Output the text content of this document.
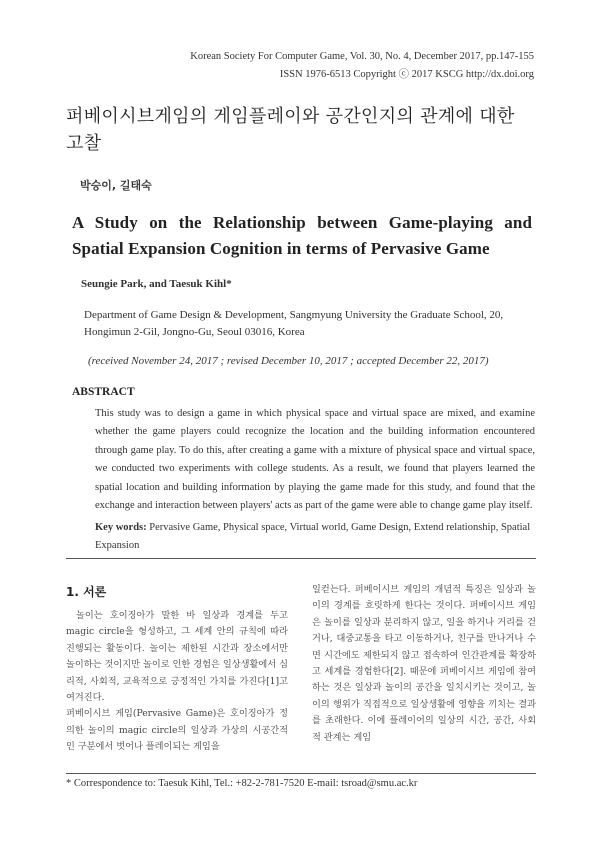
Korean Society For Computer Game, Vol. 30, No. 4, December 2017, pp.147-155
ISSN 1976-6513 Copyright ⓒ 2017 KSCG http://dx.doi.org
퍼베이시브게임의 게임플레이와 공간인지의 관계에 대한 고찰
박승이, 길태숙
A Study on the Relationship between Game-playing and Spatial Expansion Cognition in terms of Pervasive Game
Seungie Park, and Taesuk Kihl*
Department of Game Design & Development, Sangmyung University the Graduate School, 20, Hongimun 2-Gil, Jongno-Gu, Seoul 03016, Korea
(received November 24, 2017 ; revised December 10, 2017 ; accepted December 22, 2017)
ABSTRACT
This study was to design a game in which physical space and virtual space are mixed, and examine whether the game players could recognize the location and the building information encountered through game play. To do this, after creating a game with a mixture of physical space and virtual space, we conducted two experiments with college students. As a result, we found that players learned the spatial location and building information by playing the game made for this study, and found that the exchange and interaction between players' acts as part of the game were able to change game play itself.
Key words: Pervasive Game, Physical space, Virtual world, Game Design, Extend relationship, Spatial Expansion
1. 서론

놀이는 호이징아가 말한 바 일상과 경계를 두고 magic circle을 형성하고, 그 세계 안의 규칙에 따라 진행되는 활동이다. 놀이는 제한된 시간과 장소에서만 놀이하는 것이지만 놀이로 인한 경험은 일상생활에서 심리적, 사회적, 교육적으로 긍정적인 가치를 가진다[1]고 여겨진다.

퍼베이시브 게임(Pervasive Game)은 호이징아가 정의한 놀이의 magic circle의 일상과 가상의 시공간적인 구분에서 벗어나 플레이되는 게임을

일컫는다. 퍼베이시브 게임의 개념적 특징은 일상과 놀이의 경계를 흐릿하게 한다는 것이다. 퍼베이시브 게임은 놀이를 일상과 분리하지 않고, 일을 하거나 거리를 걷거나, 대중교통을 타고 이동하거나, 친구를 만나거나 수면 시간에도 제한되지 않고 접속하여 인간관계를 확장하고 세계를 경험한다[2]. 때문에 퍼베이시브 게임에 참여하는 것은 일상과 놀이의 공간을 일치시키는 것이고, 놀이의 행위가 직접적으로 일상생활에 영향을 끼치는 결과를 초래한다. 이에 플레이어의 일상의 시간, 공간, 사회적 관계는 게임

* Correspondence to: Taesuk Kihl, Tel.: +82-2-781-7520 E-mail: tsroad@smu.ac.kr
